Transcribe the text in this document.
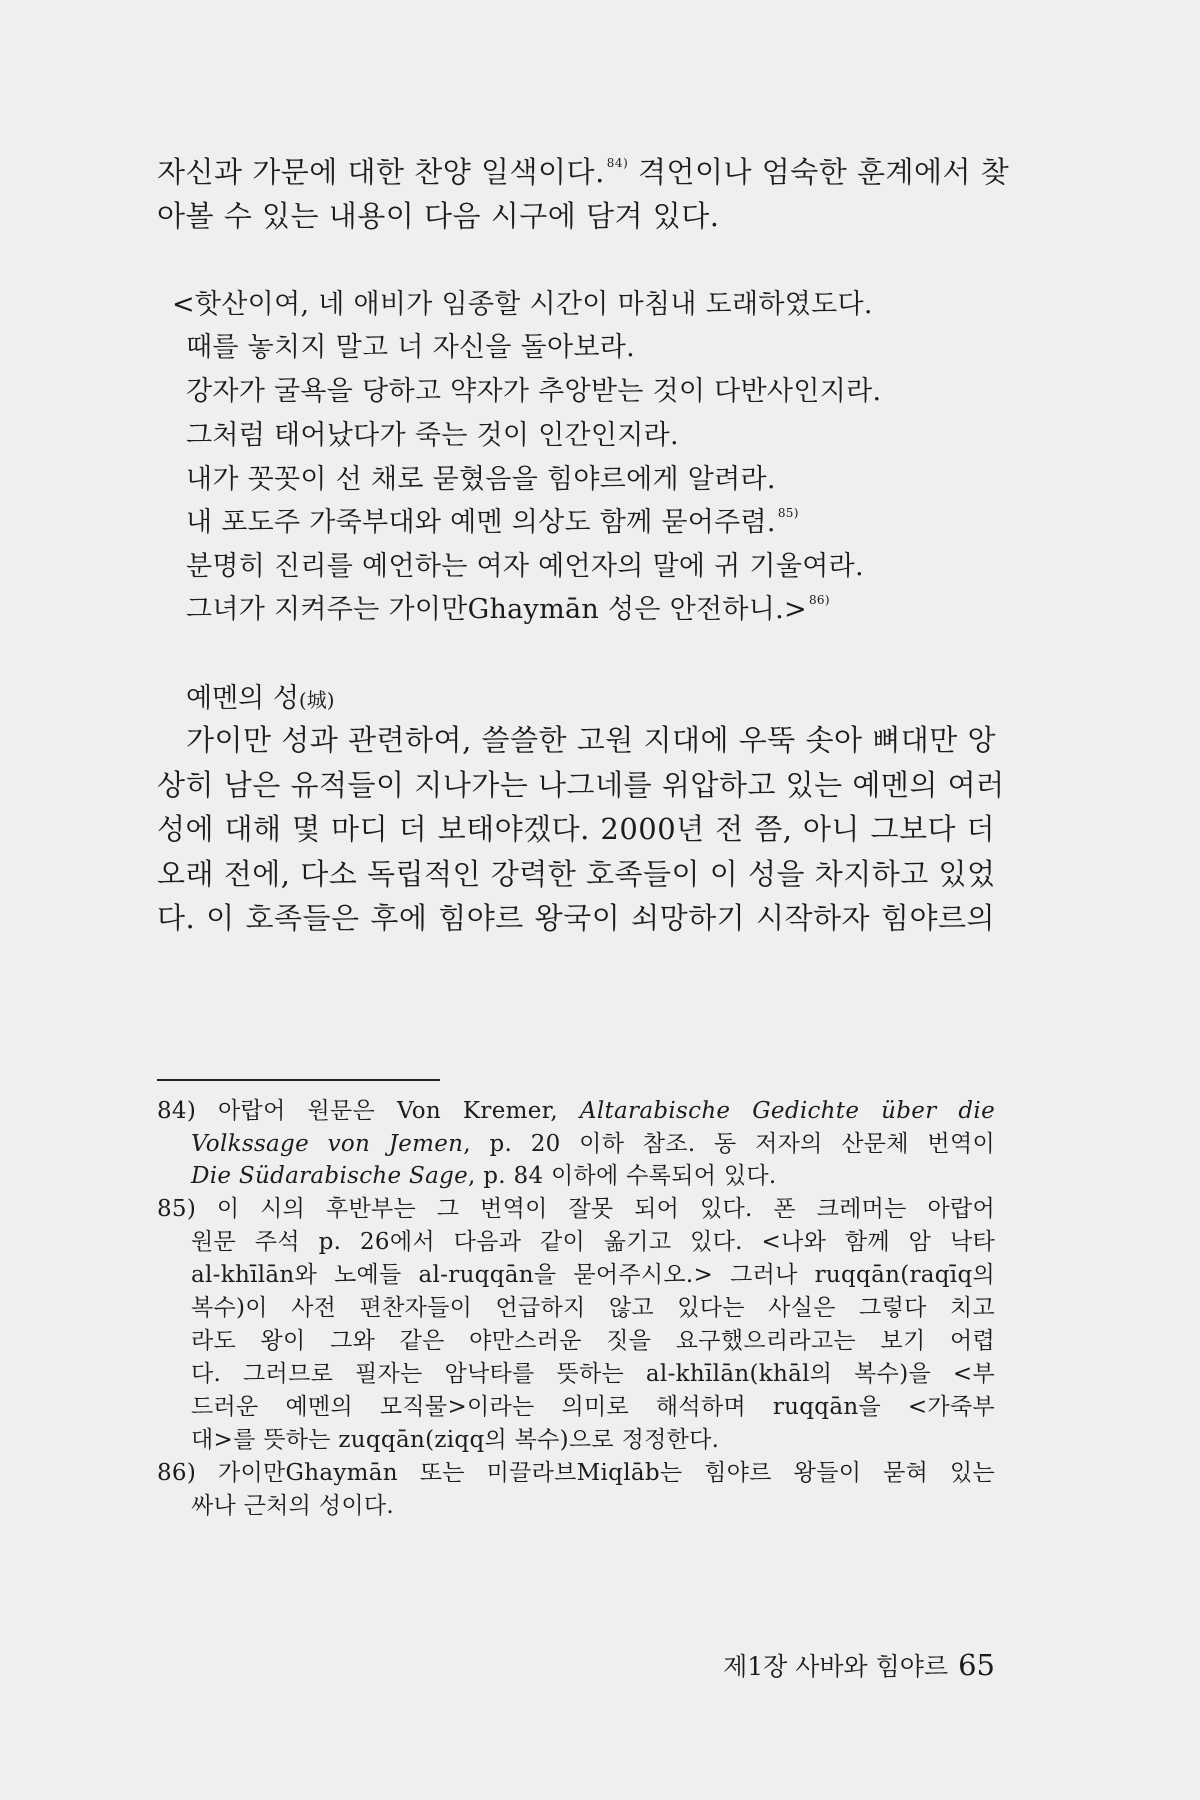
자신과 가문에 대한 찬양 일색이다. $^{84)}$ 격언이나 엄숙한 훈계에서 찾
아볼 수 있는 내용이 다음 시구에 담겨 있다.
<핫산이여, 네 애비가 임종할 시간이 마침내 도래하였도다.
때를 놓치지 말고 너 자신을 돌아보라.
강자가 굴욕을 당하고 약자가 추앙받는 것이 다반사인지라.
그처럼 태어났다가 죽는 것이 인간인지라.
내가 꼿꼿이 선 채로 묻혔음을 힘야르에게 알려라.
내 포도주 가죽부대와 예멘 의상도 함께 묻어주렴. $^{85)}$
분명히 진리를 예언하는 여자 예언자의 말에 귀 기울여라.
그녀가 지켜주는 가이만Ghaymān 성은 안전하니.> $^{86)}$
예멘의 성(城)
가이만 성과 관련하여, 쓸쓸한 고원 지대에 우뚝 솟아 뼈대만 앙
상히 남은 유적들이 지나가는 나그네를 위압하고 있는 예멘의 여러
성에 대해 몇 마디 더 보태야겠다. 2000년 전 쯤, 아니 그보다 더
오래 전에, 다소 독립적인 강력한 호족들이 이 성을 차지하고 있었
다. 이 호족들은 후에 힘야르 왕국이 쇠망하기 시작하자 힘야르의
84) 아랍어 원문은 Von Kremer, Altarabische Gedichte über die
Volkssage von Jemen, p. 20 이하 참조. 동 저자의 산문체 번역이
Die Südarabische Sage, p. 84 이하에 수록되어 있다.
85) 이 시의 후반부는 그 번역이 잘못 되어 있다. 폰 크레머는 아랍어
원문 주석 p. 26에서 다음과 같이 옮기고 있다. <나와 함께 암 낙타
al-khīlān와 노예들 al-ruqqān을 묻어주시오.> 그러나 ruqqān(raqīq의
복수)이 사전 편찬자들이 언급하지 않고 있다는 사실은 그렇다 치고
라도 왕이 그와 같은 야만스러운 짓을 요구했으리라고는 보기 어렵
다. 그러므로 필자는 암낙타를 뜻하는 al-khīlān(khāl의 복수)을 <부
드러운 예멘의 모직물>이라는 의미로 해석하며 ruqqān을 <가죽부
대>를 뜻하는 zuqqān(ziqq의 복수)으로 정정한다.
86) 가이만Ghaymān 또는 미끌라브Miqlāb는 힘야르 왕들이 묻혀 있는
싸나 근처의 성이다.
제1장 사바와 힘야르 65
